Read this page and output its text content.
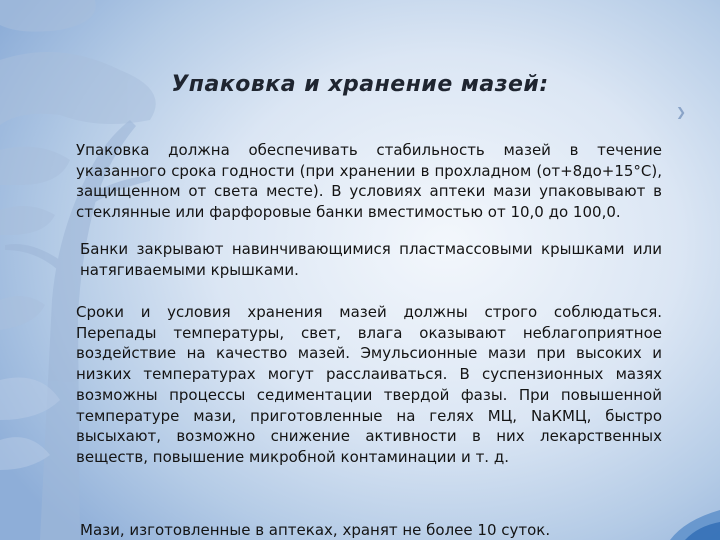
Упаковка и хранение мазей:
❯

Упаковка должна обеспечивать стабильность мазей в течение указанного срока годности (при хранении в прохладном (от+8до+15°С), защищенном от света месте). В условиях аптеки мази упаковывают в стеклянные или фарфоровые банки вместимостью от 10,0 до 100,0.

Банки закрывают навинчивающимися пластмассовыми крышками или натягиваемыми крышками.

Сроки и условия хранения мазей должны строго соблюдаться. Перепады температуры, свет, влага оказывают неблагоприятное воздействие на качество мазей. Эмульсионные мази при высоких и низких температурах могут расслаиваться. В суспензионных мазях возможны процессы седиментации твердой фазы. При повышенной температуре мази, приготовленные на гелях МЦ, NaКМЦ, быстро высыхают, возможно снижение активности в них лекарственных веществ, повышение микробной контаминации и т. д.

Мази, изготовленные в аптеках, хранят не более 10 суток.
